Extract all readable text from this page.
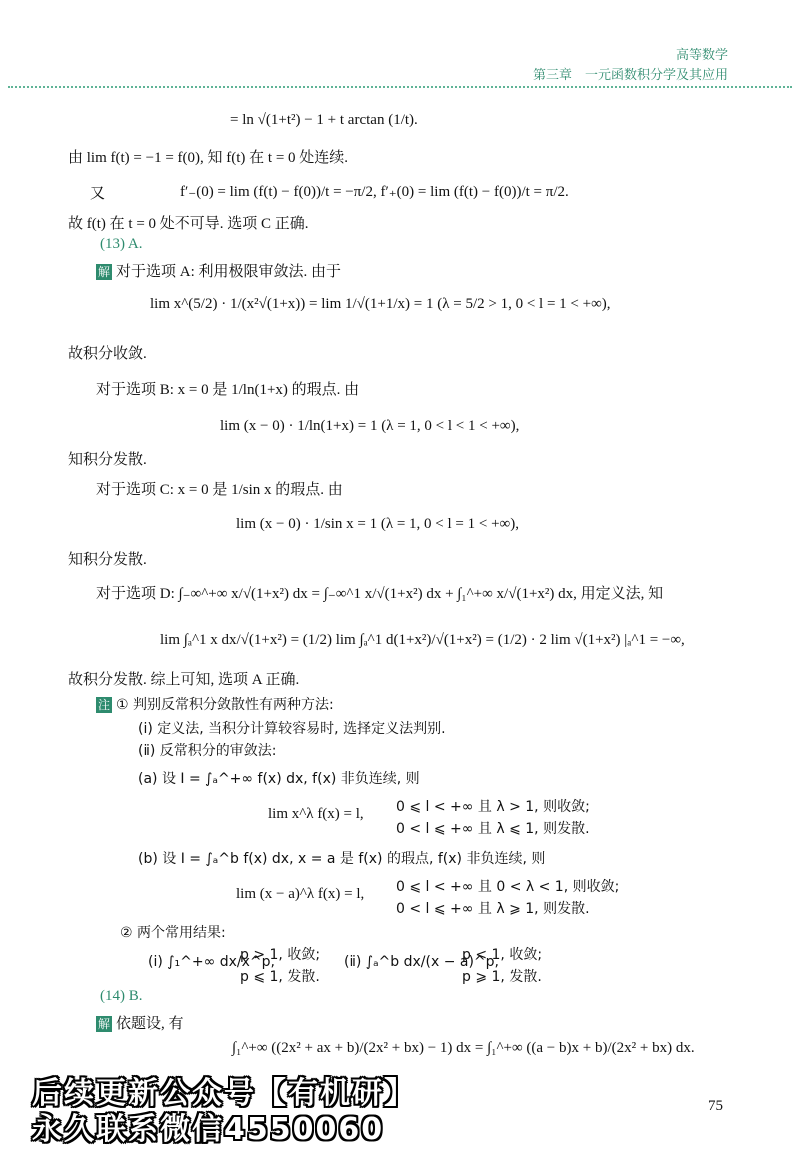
高等数学
第三章　一元函数积分学及其应用
= ln √(1+t²) − 1 + t arctan (1/t).
由 lim f(t) = −1 = f(0), 知 f(t) 在 t = 0 处连续.
又	f′₋(0) = lim (f(t) − f(0))/t = −π/2, f′₊(0) = lim (f(t) − f(0))/t = π/2.
故 f(t) 在 t = 0 处不可导. 选项 C 正确.
(13) A.
解 对于选项 A: 利用极限审敛法. 由于
lim x^(5/2) · 1/(x²√(1+x)) = lim 1/√(1+1/x) = 1 (λ = 5/2 > 1, 0 < l = 1 < +∞),
故积分收敛.
对于选项 B: x = 0 是 1/ln(1+x) 的瑕点. 由
lim (x − 0) · 1/ln(1+x) = 1 (λ = 1, 0 < l < 1 < +∞),
知积分发散.
对于选项 C: x = 0 是 1/sin x 的瑕点. 由
lim (x − 0) · 1/sin x = 1 (λ = 1, 0 < l = 1 < +∞),
知积分发散.
对于选项 D: ∫₋∞^+∞ x/√(1+x²) dx = ∫₋∞^1 x/√(1+x²) dx + ∫₁^+∞ x/√(1+x²) dx, 用定义法, 知
lim ∫ₐ^1 x dx/√(1+x²) = (1/2) lim ∫ₐ^1 d(1+x²)/√(1+x²) = (1/2) · 2 lim √(1+x²) |ₐ^1 = −∞,
故积分发散. 综上可知, 选项 A 正确.
注 ① 判别反常积分敛散性有两种方法:
(ⅰ) 定义法, 当积分计算较容易时, 选择定义法判别.
(ⅱ) 反常积分的审敛法:
(a) 设 I = ∫ₐ^+∞ f(x) dx, f(x) 非负连续, 则
lim x^λ f(x) = l, 0 ⩽ l < +∞ 且 λ > 1, 则收敛;
0 < l ⩽ +∞ 且 λ ⩽ 1, 则发散.
(b) 设 I = ∫ₐ^b f(x) dx, x = a 是 f(x) 的瑕点, f(x) 非负连续, 则
lim (x − a)^λ f(x) = l, 0 ⩽ l < +∞ 且 0 < λ < 1, 则收敛;
0 < l ⩽ +∞ 且 λ ⩾ 1, 则发散.
② 两个常用结果:
(ⅰ) ∫₁^+∞ dx/x^p,
p > 1, 收敛;
p ⩽ 1, 发散.
(ⅱ) ∫ₐ^b dx/(x − a)^p,
p < 1, 收敛;
p ⩾ 1, 发散.
(14) B.
解 依题设, 有
∫₁^+∞ ((2x² + ax + b)/(2x² + bx) − 1) dx = ∫₁^+∞ ((a − b)x + b)/(2x² + bx) dx.
后续更新公众号【有机研】
永久联系微信4550060
75
